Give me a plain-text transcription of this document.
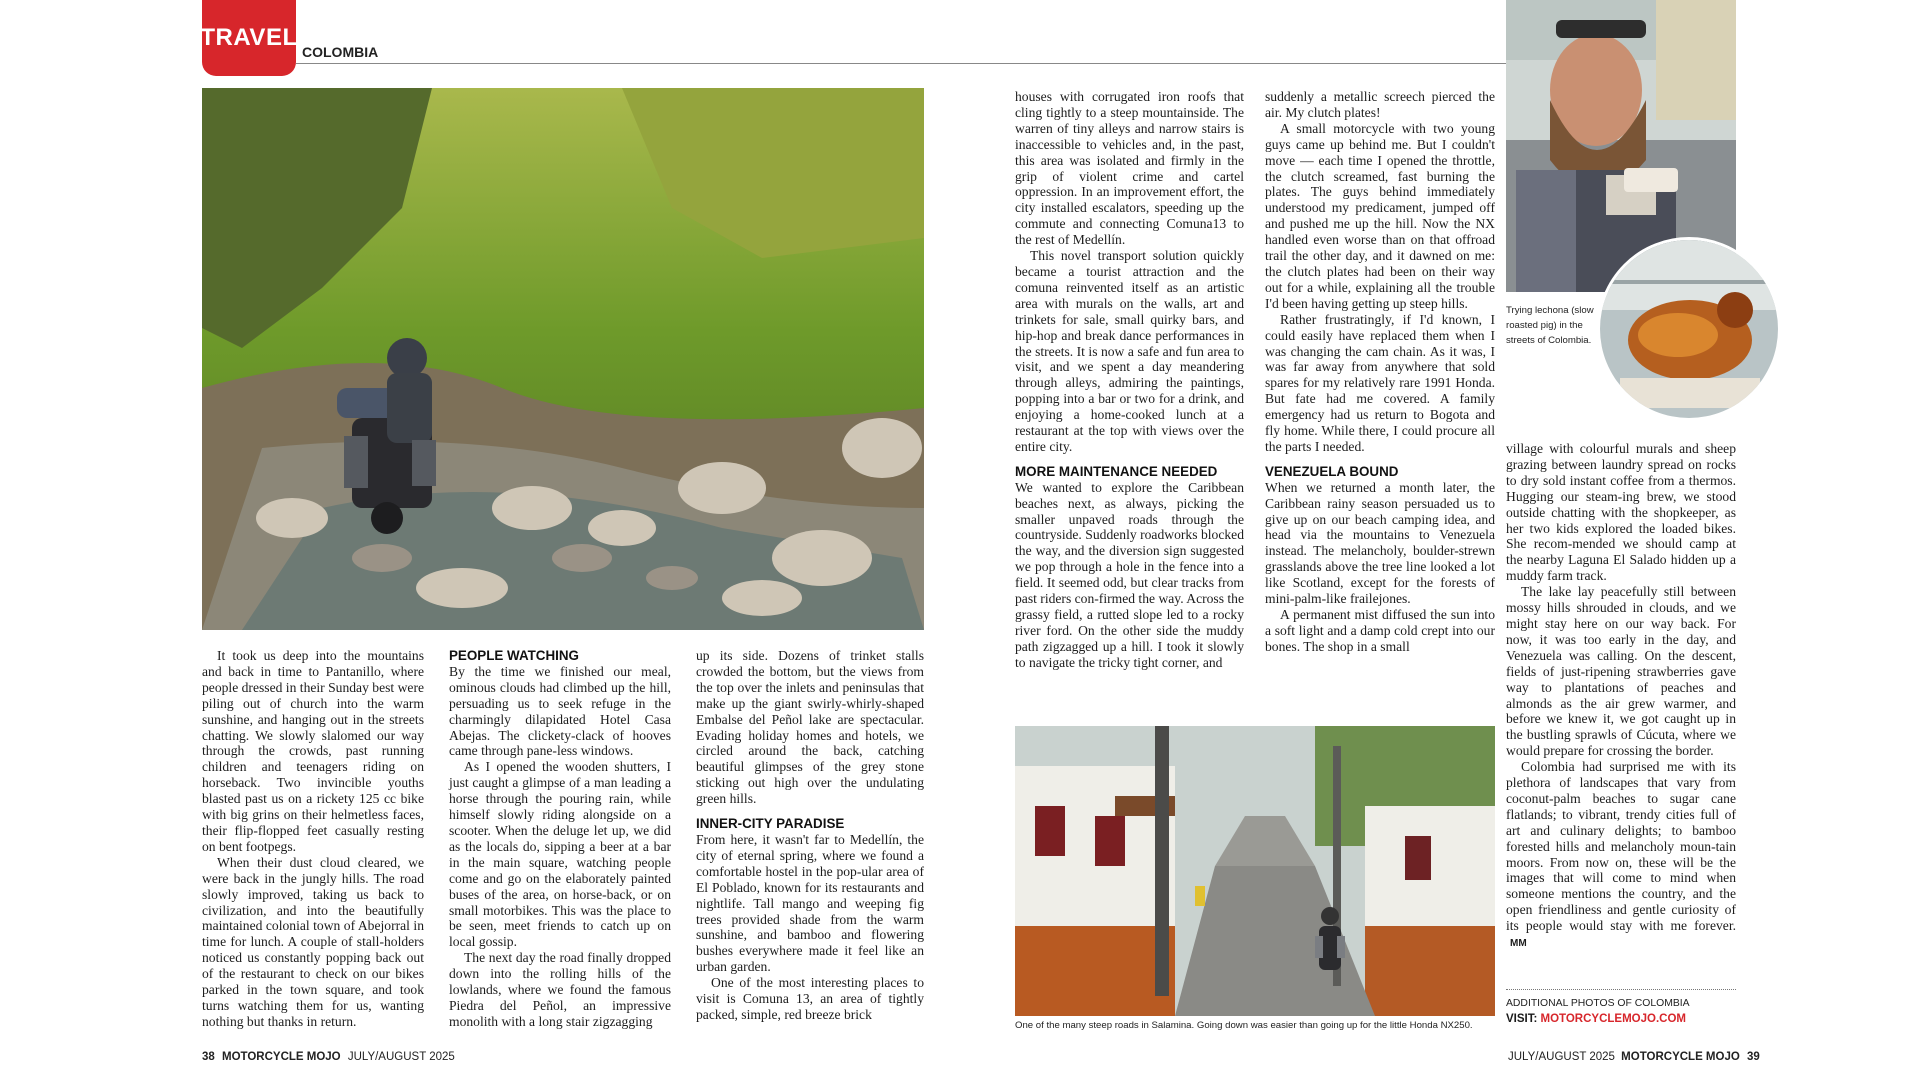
TRAVEL
COLOMBIA

It took us deep into the mountains and back in time to Pantanillo, where people dressed in their Sunday best were piling out of church into the warm sunshine, and hanging out in the streets chatting. We slowly slalomed our way through the crowds, past running children and teenagers riding on horseback. Two invincible youths blasted past us on a rickety 125 cc bike with big grins on their helmetless faces, their flip-flopped feet casually resting on bent footpegs.

When their dust cloud cleared, we were back in the jungly hills. The road slowly improved, taking us back to civilization, and into the beautifully maintained colonial town of Abejorral in time for lunch. A couple of stall-holders noticed us constantly popping back out of the restaurant to check on our bikes parked in the town square, and took turns watching them for us, wanting nothing but thanks in return.

PEOPLE WATCHING

By the time we finished our meal, ominous clouds had climbed up the hill, persuading us to seek refuge in the charmingly dilapidated Hotel Casa Abejas. The clickety-clack of hooves came through pane-less windows.

As I opened the wooden shutters, I just caught a glimpse of a man leading a horse through the pouring rain, while himself slowly riding alongside on a scooter. When the deluge let up, we did as the locals do, sipping a beer at a bar in the main square, watching people come and go on the elaborately painted buses of the area, on horse-back, or on small motorbikes. This was the place to be seen, meet friends to catch up on local gossip.

The next day the road finally dropped down into the rolling hills of the lowlands, where we found the famous Piedra del Peñol, an impressive monolith with a long stair zigzagging

up its side. Dozens of trinket stalls crowded the bottom, but the views from the top over the inlets and peninsulas that make up the giant swirly-whirly-shaped Embalse del Peñol lake are spectacular. Evading holiday homes and hotels, we circled around the back, catching beautiful glimpses of the grey stone sticking out high over the undulating green hills.

INNER-CITY PARADISE

From here, it wasn't far to Medellín, the city of eternal spring, where we found a comfortable hostel in the pop-ular area of El Poblado, known for its restaurants and nightlife. Tall mango and weeping fig trees provided shade from the warm sunshine, and bamboo and flowering bushes everywhere made it feel like an urban garden.

One of the most interesting places to visit is Comuna 13, an area of tightly packed, simple, red breeze brick

houses with corrugated iron roofs that cling tightly to a steep mountainside. The warren of tiny alleys and narrow stairs is inaccessible to vehicles and, in the past, this area was isolated and firmly in the grip of violent crime and cartel oppression. In an improvement effort, the city installed escalators, speeding up the commute and connecting Comuna13 to the rest of Medellín.

This novel transport solution quickly became a tourist attraction and the comuna reinvented itself as an artistic area with murals on the walls, art and trinkets for sale, small quirky bars, and hip-hop and break dance performances in the streets. It is now a safe and fun area to visit, and we spent a day meandering through alleys, admiring the paintings, popping into a bar or two for a drink, and enjoying a home-cooked lunch at a restaurant at the top with views over the entire city.

MORE MAINTENANCE NEEDED

We wanted to explore the Caribbean beaches next, as always, picking the smaller unpaved roads through the countryside. Suddenly roadworks blocked the way, and the diversion sign suggested we pop through a hole in the fence into a field. It seemed odd, but clear tracks from past riders con-firmed the way. Across the grassy field, a rutted slope led to a rocky river ford. On the other side the muddy path zigzagged up a hill. I took it slowly to navigate the tricky tight corner, and

suddenly a metallic screech pierced the air. My clutch plates!

A small motorcycle with two young guys came up behind me. But I couldn't move — each time I opened the throttle, the clutch screamed, fast burning the plates. The guys behind immediately understood my predicament, jumped off and pushed me up the hill. Now the NX handled even worse than on that offroad trail the other day, and it dawned on me: the clutch plates had been on their way out for a while, explaining all the trouble I'd been having getting up steep hills.

Rather frustratingly, if I'd known, I could easily have replaced them when I was changing the cam chain. As it was, I was far away from anywhere that sold spares for my relatively rare 1991 Honda. But fate had me covered. A family emergency had us return to Bogota and fly home. While there, I could procure all the parts I needed.

VENEZUELA BOUND

When we returned a month later, the Caribbean rainy season persuaded us to give up on our beach camping idea, and head via the mountains to Venezuela instead. The melancholy, boulder-strewn grasslands above the tree line looked a lot like Scotland, except for the forests of mini-palm-like frailejones.

A permanent mist diffused the sun into a soft light and a damp cold crept into our bones. The shop in a small

One of the many steep roads in Salamina. Going down was easier than going up for the little Honda NX250.
Trying lechona (slow roasted pig) in the streets of Colombia.

village with colourful murals and sheep grazing between laundry spread on rocks to dry sold instant coffee from a thermos. Hugging our steam-ing brew, we stood outside chatting with the shopkeeper, as her two kids explored the loaded bikes. She recom-mended we should camp at the nearby Laguna El Salado hidden up a muddy farm track.

The lake lay peacefully still between mossy hills shrouded in clouds, and we might stay here on our way back. For now, it was too early in the day, and Venezuela was calling. On the descent, fields of just-ripening strawberries gave way to plantations of peaches and almonds as the air grew warmer, and before we knew it, we got caught up in the bustling sprawls of Cúcuta, where we would prepare for crossing the border.

Colombia had surprised me with its plethora of landscapes that vary from coconut-palm beaches to sugar cane flatlands; to vibrant, trendy cities full of art and culinary delights; to bamboo forested hills and melancholy moun-tain moors. From now on, these will be the images that will come to mind when someone mentions the country, and the open friendliness and gentle curiosity of its people would stay with me forever. MM

ADDITIONAL PHOTOS OF COLOMBIA
VISIT: MOTORCYCLEMOJO.COM
38 MOTORCYCLE MOJO JULY/AUGUST 2025	JULY/AUGUST 2025 MOTORCYCLE MOJO 39
